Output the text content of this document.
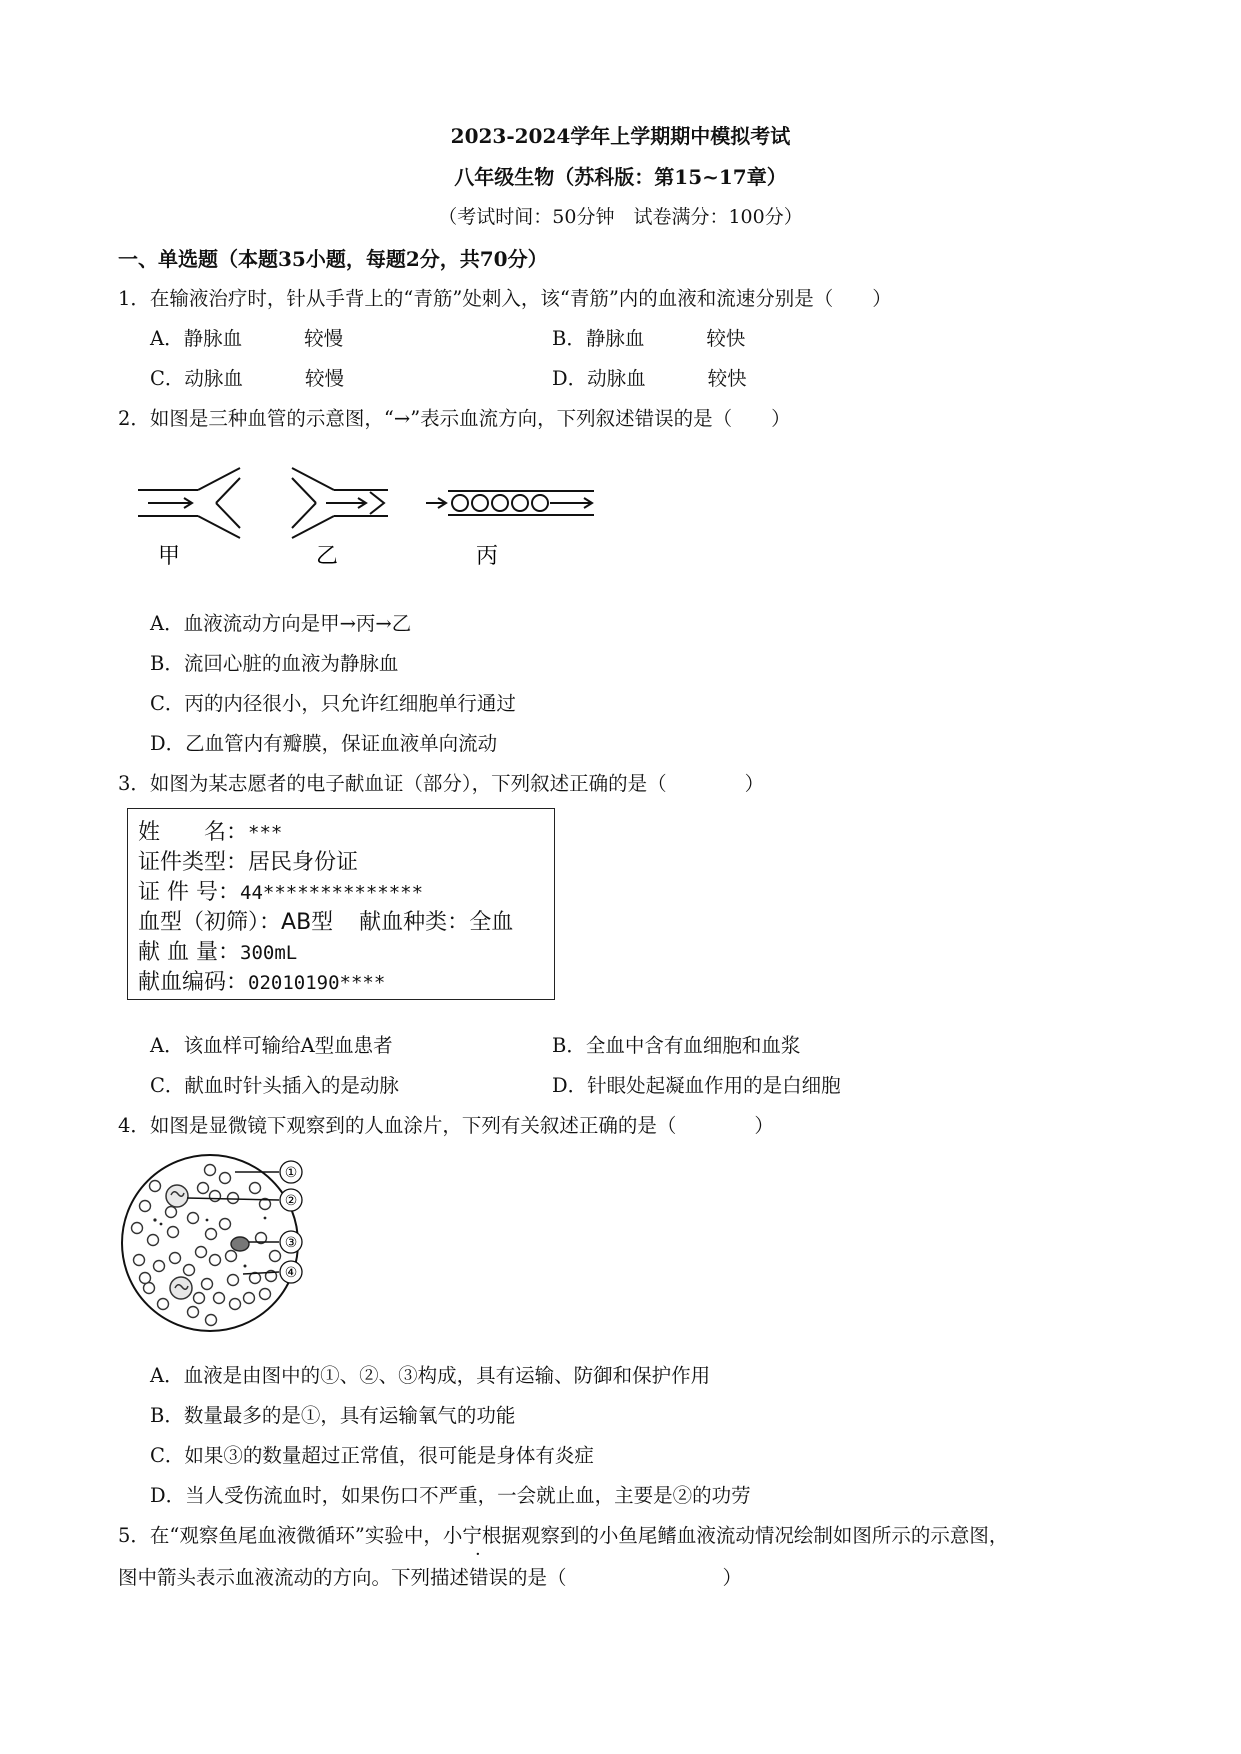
2023-2024学年上学期期中模拟考试
八年级生物（苏科版：第15~17章）
（考试时间：50分钟　试卷满分：100分）
一、单选题（本题35小题，每题2分，共70分）
1．在输液治疗时，针从手背上的“青筋”处刺入，该“青筋”内的血液和流速分别是（　　）
A．静脉血	较慢	B．静脉血	较快
C．动脉血	较慢	D．动脉血	较快
2．如图是三种血管的示意图，“→”表示血流方向，下列叙述错误的是（　　）
甲	乙	丙
A．血液流动方向是甲→丙→乙
B．流回心脏的血液为静脉血
C．丙的内径很小，只允许红细胞单行通过
D．乙血管内有瓣膜，保证血液单向流动
3．如图为某志愿者的电子献血证（部分），下列叙述正确的是（　　　　）
姓　　名：***
证件类型：居民身份证
证 件 号：44**************
血型（初筛）：AB型 献血种类：全血
献 血 量：300mL
献血编码：02010190****
A．该血样可输给A型血患者	B．全血中含有血细胞和血浆
C．献血时针头插入的是动脉	D．针眼处起凝血作用的是白细胞
4．如图是显微镜下观察到的人血涂片，下列有关叙述正确的是（　　　　）
①
②
③
④
A．血液是由图中的①、②、③构成，具有运输、防御和保护作用
B．数量最多的是①，具有运输氧气的功能
C．如果③的数量超过正常值，很可能是身体有炎症
D．当人受伤流血时，如果伤口不严重，一会就止血，主要是②的功劳
5．在“观察鱼尾血液微循环”实验中，小宁根据观察到的小鱼尾鳍血液流动情况绘制如图所示的示意图，
图中箭头表示血液流动的方向。下列描述错误的是（　　　　　　　　）
